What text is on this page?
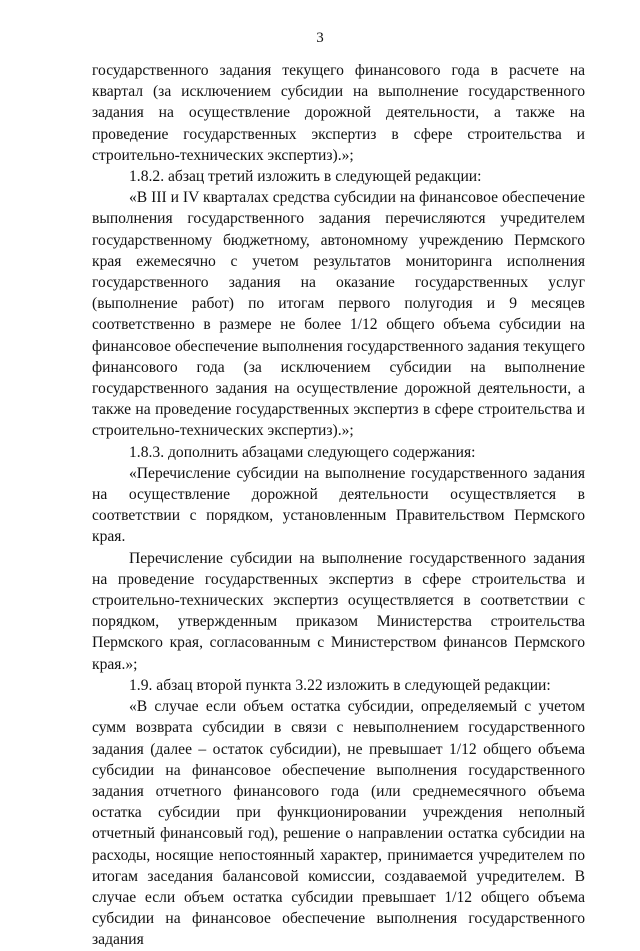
3

государственного задания текущего финансового года в расчете на квартал (за исключением субсидии на выполнение государственного задания на осуществление дорожной деятельности, а также на проведение государственных экспертиз в сфере строительства и строительно-технических экспертиз).»;

1.8.2. абзац третий изложить в следующей редакции:

«В III и IV кварталах средства субсидии на финансовое обеспечение выполнения государственного задания перечисляются учредителем государственному бюджетному, автономному учреждению Пермского края ежемесячно с учетом результатов мониторинга исполнения государственного задания на оказание государственных услуг (выполнение работ) по итогам первого полугодия и 9 месяцев соответственно в размере не более 1/12 общего объема субсидии на финансовое обеспечение выполнения государственного задания текущего финансового года (за исключением субсидии на выполнение государственного задания на осуществление дорожной деятельности, а также на проведение государственных экспертиз в сфере строительства и строительно-технических экспертиз).»;

1.8.3. дополнить абзацами следующего содержания:

«Перечисление субсидии на выполнение государственного задания на осуществление дорожной деятельности осуществляется в соответствии с порядком, установленным Правительством Пермского края.

Перечисление субсидии на выполнение государственного задания на проведение государственных экспертиз в сфере строительства и строительно-технических экспертиз осуществляется в соответствии с порядком, утвержденным приказом Министерства строительства Пермского края, согласованным с Министерством финансов Пермского края.»;

1.9. абзац второй пункта 3.22 изложить в следующей редакции:

«В случае если объем остатка субсидии, определяемый с учетом сумм возврата субсидии в связи с невыполнением государственного задания (далее – остаток субсидии), не превышает 1/12 общего объема субсидии на финансовое обеспечение выполнения государственного задания отчетного финансового года (или среднемесячного объема остатка субсидии при функционировании учреждения неполный отчетный финансовый год), решение о направлении остатка субсидии на расходы, носящие непостоянный характер, принимается учредителем по итогам заседания балансовой комиссии, создаваемой учредителем. В случае если объем остатка субсидии превышает 1/12 общего объема субсидии на финансовое обеспечение выполнения государственного задания
